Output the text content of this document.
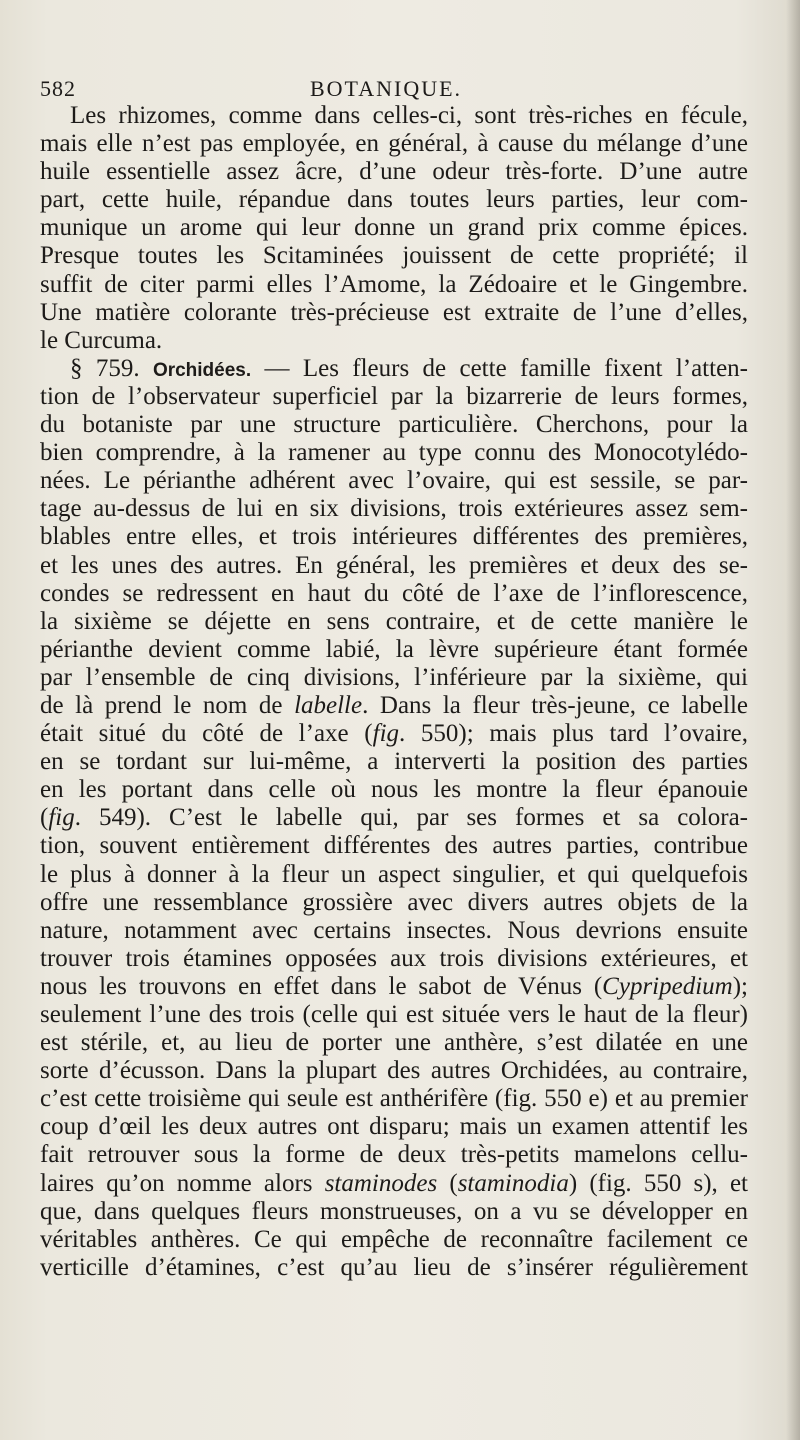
582	BOTANIQUE.
Les rhizomes, comme dans celles-ci, sont très-riches en fécule,
mais elle n’est pas employée, en général, à cause du mélange d’une
huile essentielle assez âcre, d’une odeur très-forte. D’une autre
part, cette huile, répandue dans toutes leurs parties, leur com-
munique un arome qui leur donne un grand prix comme épices.
Presque toutes les Scitaminées jouissent de cette propriété; il
suffit de citer parmi elles l’Amome, la Zédoaire et le Gingembre.
Une matière colorante très-précieuse est extraite de l’une d’elles,
le Curcuma.
§ 759. Orchidées. — Les fleurs de cette famille fixent l’atten-
tion de l’observateur superficiel par la bizarrerie de leurs formes,
du botaniste par une structure particulière. Cherchons, pour la
bien comprendre, à la ramener au type connu des Monocotylédo-
nées. Le périanthe adhérent avec l’ovaire, qui est sessile, se par-
tage au-dessus de lui en six divisions, trois extérieures assez sem-
blables entre elles, et trois intérieures différentes des premières,
et les unes des autres. En général, les premières et deux des se-
condes se redressent en haut du côté de l’axe de l’inflorescence,
la sixième se déjette en sens contraire, et de cette manière le
périanthe devient comme labié, la lèvre supérieure étant formée
par l’ensemble de cinq divisions, l’inférieure par la sixième, qui
de là prend le nom de labelle. Dans la fleur très-jeune, ce labelle
était situé du côté de l’axe (fig. 550); mais plus tard l’ovaire,
en se tordant sur lui-même, a interverti la position des parties
en les portant dans celle où nous les montre la fleur épanouie
(fig. 549). C’est le labelle qui, par ses formes et sa colora-
tion, souvent entièrement différentes des autres parties, contribue
le plus à donner à la fleur un aspect singulier, et qui quelquefois
offre une ressemblance grossière avec divers autres objets de la
nature, notamment avec certains insectes. Nous devrions ensuite
trouver trois étamines opposées aux trois divisions extérieures, et
nous les trouvons en effet dans le sabot de Vénus (Cypripedium);
seulement l’une des trois (celle qui est située vers le haut de la fleur)
est stérile, et, au lieu de porter une anthère, s’est dilatée en une
sorte d’écusson. Dans la plupart des autres Orchidées, au contraire,
c’est cette troisième qui seule est anthérifère (fig. 550 e) et au premier
coup d’œil les deux autres ont disparu; mais un examen attentif les
fait retrouver sous la forme de deux très-petits mamelons cellu-
laires qu’on nomme alors staminodes (staminodia) (fig. 550 s), et
que, dans quelques fleurs monstrueuses, on a vu se développer en
véritables anthères. Ce qui empêche de reconnaître facilement ce
verticille d’étamines, c’est qu’au lieu de s’insérer régulièrement
